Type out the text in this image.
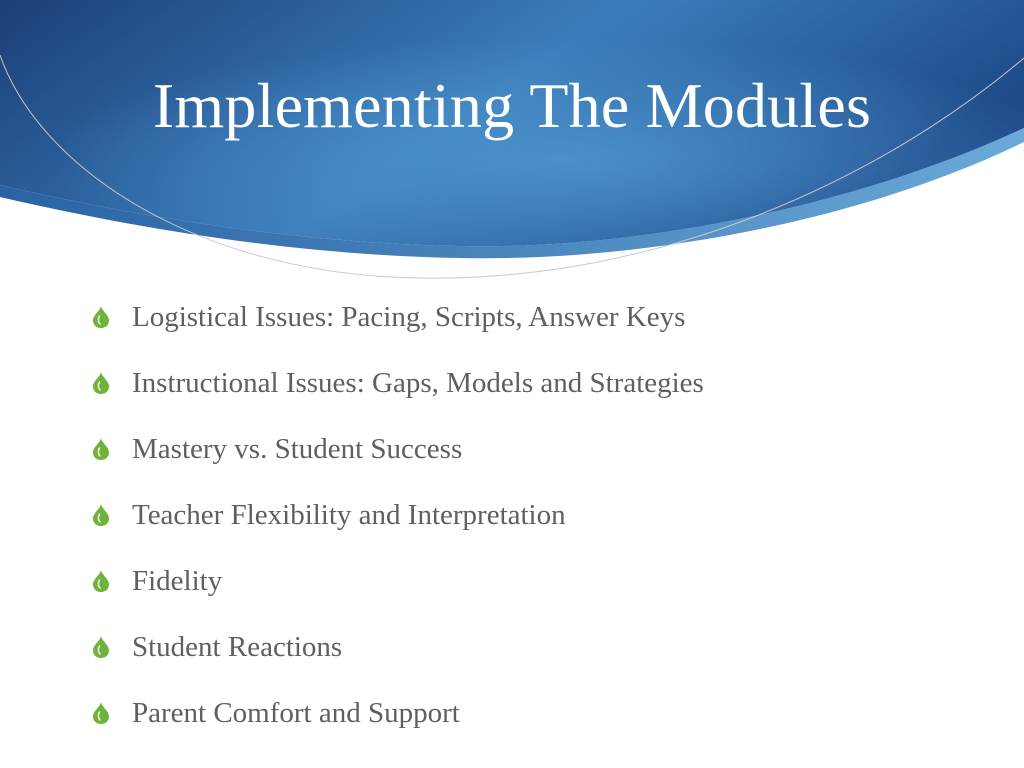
Implementing The Modules
Logistical Issues: Pacing, Scripts, Answer Keys
Instructional Issues: Gaps, Models and Strategies
Mastery vs. Student Success
Teacher Flexibility and Interpretation
Fidelity
Student Reactions
Parent Comfort and Support
